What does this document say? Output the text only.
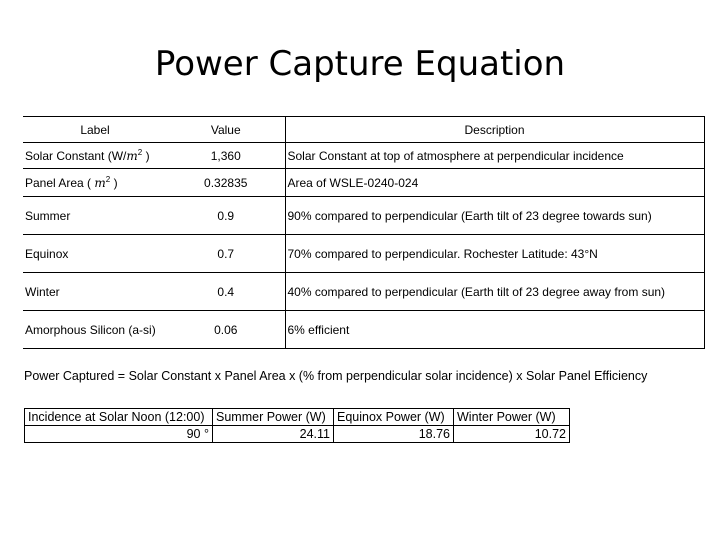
Power Capture Equation
Label	Value	Description
Solar Constant ($W/m^2$ )	1,360	Solar Constant at top of atmosphere at perpendicular incidence
Panel Area ( $m^2$ )	0.32835	Area of WSLE-0240-024
Summer	0.9	90% compared to perpendicular (Earth tilt of 23 degree towards sun)
Equinox	0.7	70% compared to perpendicular. Rochester Latitude: 43°N
Winter	0.4	40% compared to perpendicular (Earth tilt of 23 degree away from sun)
Amorphous Silicon (a-si)	0.06	6% efficient
Power Captured = Solar Constant x Panel Area x (% from perpendicular solar incidence) x Solar Panel Efficiency
Incidence at Solar Noon (12:00)	Summer Power (W)	Equinox Power (W)	Winter Power (W)
90 °	24.11	18.76	10.72
